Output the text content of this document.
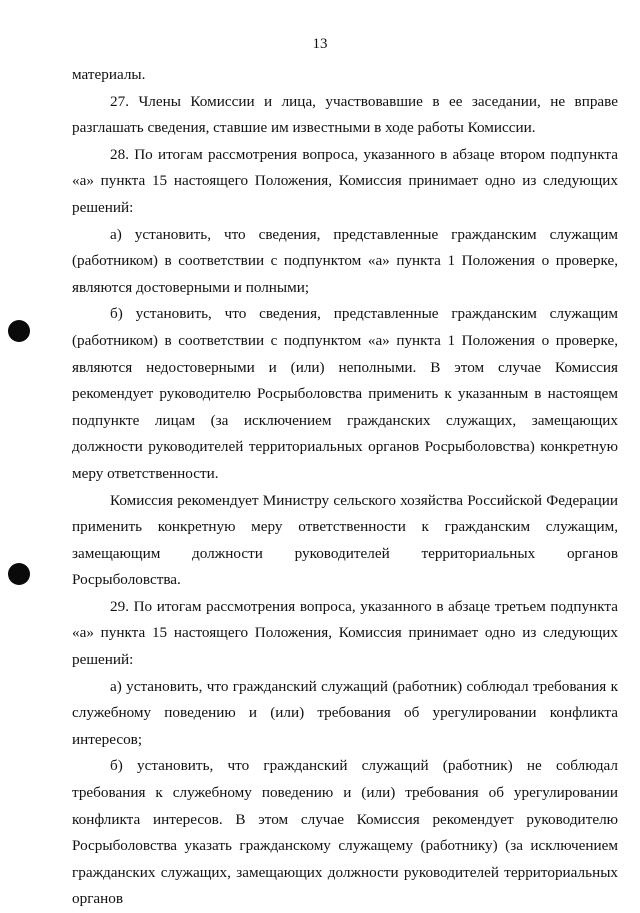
13

материалы.

27. Члены Комиссии и лица, участвовавшие в ее заседании, не вправе разглашать сведения, ставшие им известными в ходе работы Комиссии.

28. По итогам рассмотрения вопроса, указанного в абзаце втором подпункта «а» пункта 15 настоящего Положения, Комиссия принимает одно из следующих решений:

а) установить, что сведения, представленные гражданским служащим (работником) в соответствии с подпунктом «а» пункта 1 Положения о проверке, являются достоверными и полными;

б) установить, что сведения, представленные гражданским служащим (работником) в соответствии с подпунктом «а» пункта 1 Положения о проверке, являются недостоверными и (или) неполными. В этом случае Комиссия рекомендует руководителю Росрыболовства применить к указанным в настоящем подпункте лицам (за исключением гражданских служащих, замещающих должности руководителей территориальных органов Росрыболовства) конкретную меру ответственности.

Комиссия рекомендует Министру сельского хозяйства Российской Федерации применить конкретную меру ответственности к гражданским служащим, замещающим должности руководителей территориальных органов Росрыболовства.

29. По итогам рассмотрения вопроса, указанного в абзаце третьем подпункта «а» пункта 15 настоящего Положения, Комиссия принимает одно из следующих решений:

а) установить, что гражданский служащий (работник) соблюдал требования к служебному поведению и (или) требования об урегулировании конфликта интересов;

б) установить, что гражданский служащий (работник) не соблюдал требования к служебному поведению и (или) требования об урегулировании конфликта интересов. В этом случае Комиссия рекомендует руководителю Росрыболовства указать гражданскому служащему (работнику) (за исключением гражданских служащих, замещающих должности руководителей территориальных органов
